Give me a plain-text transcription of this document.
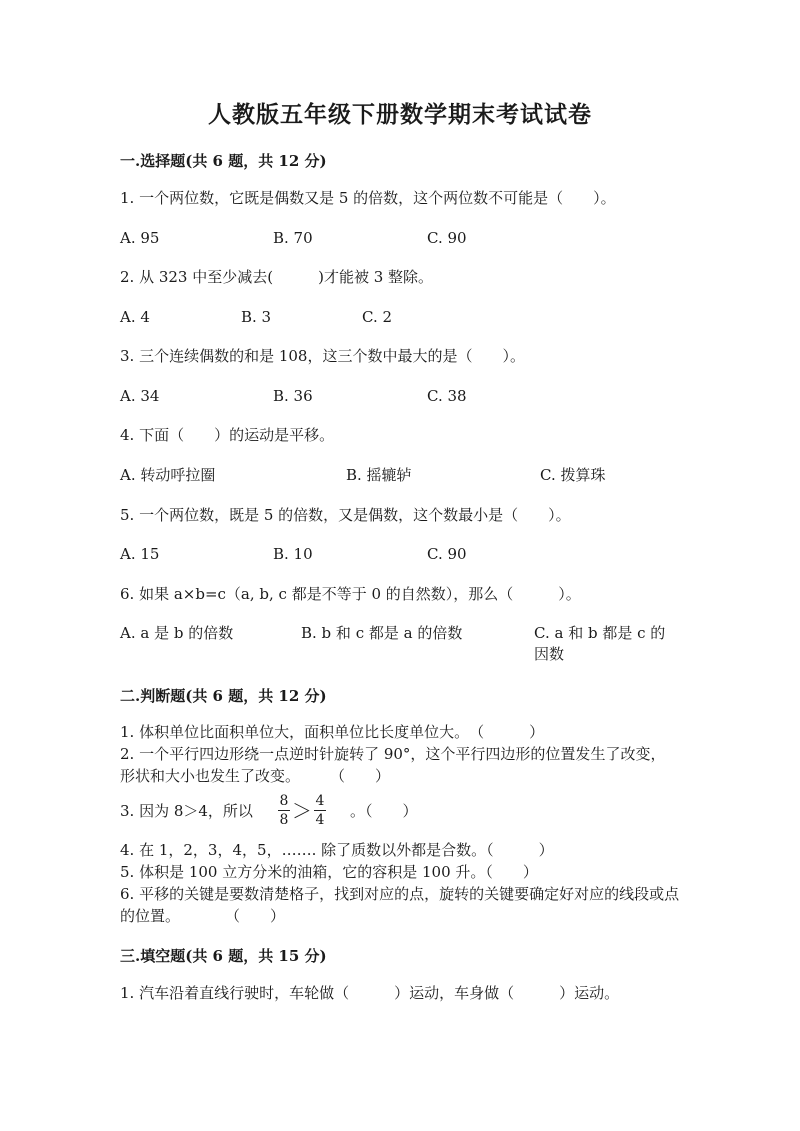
人教版五年级下册数学期末考试试卷
一.选择题(共 6 题，共 12 分)
1. 一个两位数，它既是偶数又是 5 的倍数，这个两位数不可能是（　　）。
A. 95	B. 70	C. 90
2. 从 323 中至少减去(　　　)才能被 3 整除。
A. 4	B. 3	C. 2
3. 三个连续偶数的和是 108，这三个数中最大的是（　　）。
A. 34	B. 36	C. 38
4. 下面（　　）的运动是平移。
A. 转动呼拉圈	B. 摇辘轳	C. 拨算珠
5. 一个两位数，既是 5 的倍数，又是偶数，这个数最小是（　　）。
A. 15	B. 10	C. 90
6. 如果 a×b=c（a, b, c 都是不等于 0 的自然数），那么（　　　）。
A. a 是 b 的倍数	B. b 和 c 都是 a 的倍数	C. a 和 b 都是 c 的因数
二.判断题(共 6 题，共 12 分)
1. 体积单位比面积单位大，面积单位比长度单位大。　（　　　）
2. 一个平行四边形绕一点逆时针旋转了 90°，这个平行四边形的位置发生了改变，形状和大小也发生了改变。　　　（　　）
3. 因为 8＞4，所以
8
8 ＞ 4
4 。（　　）
4. 在 1，2，3，4，5，……. 除了质数以外都是合数。（　　　）
5. 体积是 100 立方分米的油箱，它的容积是 100 升。（　　）
6. 平移的关键是要数清楚格子，找到对应的点，旋转的关键要确定好对应的线段或点的位置。　　　　（　　）
三.填空题(共 6 题，共 15 分)
1. 汽车沿着直线行驶时，车轮做（　　　）运动，车身做（　　　）运动。
